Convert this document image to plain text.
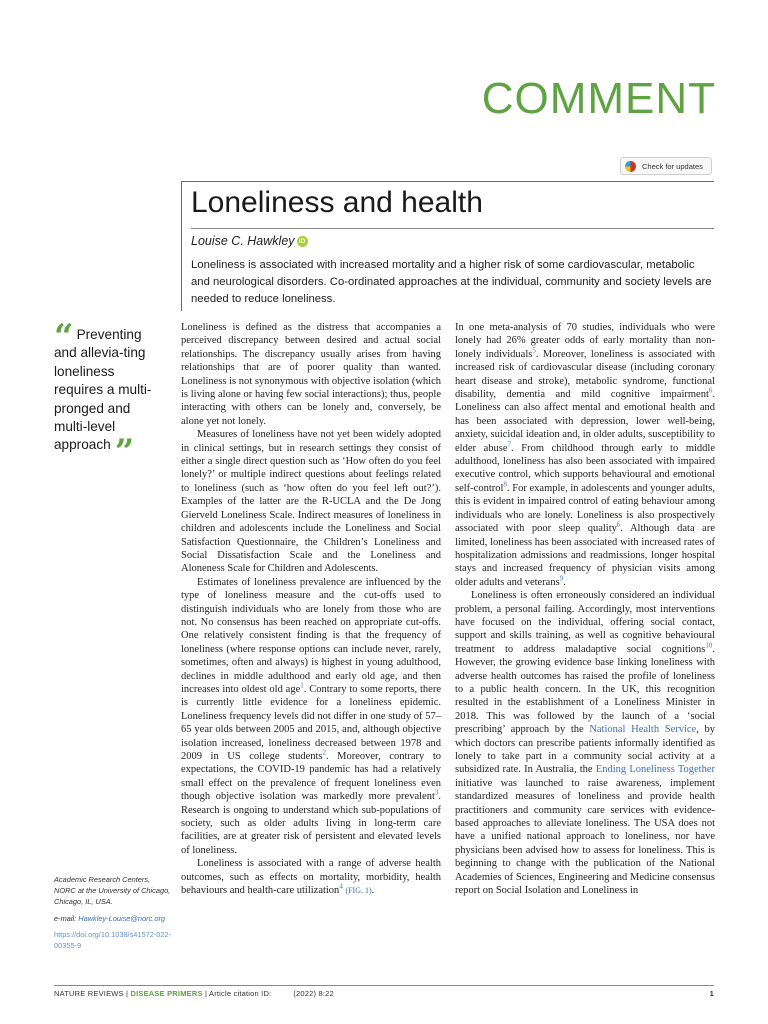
COMMENT
Check for updates
Loneliness and health
Louise C. Hawkley iD

Loneliness is associated with increased mortality and a higher risk of some cardiovascular, metabolic and neurological disorders. Co-ordinated approaches at the individual, community and society levels are needed to reduce loneliness.

“ Preventing and allevia-ting loneliness requires a multi-pronged and multi-level approach ”

Academic Research Centers, NORC at the University of Chicago, Chicago, IL, USA.

e-mail: Hawkley-Louise@norc.org

https://doi.org/10.1038/s41572-022-00355-9

Loneliness is defined as the distress that accompanies a perceived discrepancy between desired and actual social relationships. The discrepancy usually arises from having relationships that are of poorer quality than wanted. Loneliness is not synonymous with objective isolation (which is living alone or having few social interactions); thus, people interacting with others can be lonely and, conversely, be alone yet not lonely.

Measures of loneliness have not yet been widely adopted in clinical settings, but in research settings they consist of either a single direct question such as ‘How often do you feel lonely?’ or multiple indirect questions about feelings related to loneliness (such as ‘how often do you feel left out?’). Examples of the latter are the R-UCLA and the De Jong Gierveld Loneliness Scale. Indirect measures of loneliness in children and adolescents include the Loneliness and Social Satisfaction Questionnaire, the Children’s Loneliness and Social Dissatisfaction Scale and the Loneliness and Aloneness Scale for Children and Adolescents.

Estimates of loneliness prevalence are influenced by the type of loneliness measure and the cut-offs used to distinguish individuals who are lonely from those who are not. No consensus has been reached on appropriate cut-offs. One relatively consistent finding is that the frequency of loneliness (where response options can include never, rarely, sometimes, often and always) is highest in young adulthood, declines in middle adulthood and early old age, and then increases into oldest old age$^1$. Contrary to some reports, there is currently little evidence for a loneliness epidemic. Loneliness frequency levels did not differ in one study of 57–65 year olds between 2005 and 2015, and, although objective isolation increased, loneliness decreased between 1978 and 2009 in US college students$^2$. Moreover, contrary to expectations, the COVID-19 pandemic has had a relatively small effect on the prevalence of frequent loneliness even though objective isolation was markedly more prevalent$^3$. Research is ongoing to understand which sub-populations of society, such as older adults living in long-term care facilities, are at greater risk of persistent and elevated levels of loneliness.

Loneliness is associated with a range of adverse health outcomes, such as effects on mortality, morbidity, health behaviours and health-care utilization$^4$ (FIG. 1).

In one meta-analysis of 70 studies, individuals who were lonely had 26% greater odds of early mortality than non-lonely individuals$^5$. Moreover, loneliness is associated with increased risk of cardiovascular disease (including coronary heart disease and stroke), metabolic syndrome, functional disability, dementia and mild cognitive impairment$^6$. Loneliness can also affect mental and emotional health and has been associated with depression, lower well-being, anxiety, suicidal ideation and, in older adults, susceptibility to elder abuse$^7$. From childhood through early to middle adulthood, loneliness has also been associated with impaired executive control, which supports behavioural and emotional self-control$^8$. For example, in adolescents and younger adults, this is evident in impaired control of eating behaviour among individuals who are lonely. Loneliness is also prospectively associated with poor sleep quality$^6$. Although data are limited, loneliness has been associated with increased rates of hospitalization admissions and readmissions, longer hospital stays and increased frequency of physician visits among older adults and veterans$^9$.

Loneliness is often erroneously considered an individual problem, a personal failing. Accordingly, most interventions have focused on the individual, offering social contact, support and skills training, as well as cognitive behavioural treatment to address maladaptive social cognitions$^{10}$. However, the growing evidence base linking loneliness with adverse health outcomes has raised the profile of loneliness to a public health concern. In the UK, this recognition resulted in the establishment of a Loneliness Minister in 2018. This was followed by the launch of a ‘social prescribing’ approach by the National Health Service, by which doctors can prescribe patients informally identified as lonely to take part in a community social activity at a subsidized rate. In Australia, the Ending Loneliness Together initiative was launched to raise awareness, implement standardized measures of loneliness and provide health practitioners and community care services with evidence-based approaches to alleviate loneliness. The USA does not have a unified national approach to loneliness, nor have physicians been advised how to assess for loneliness. This is beginning to change with the publication of the National Academies of Sciences, Engineering and Medicine consensus report on Social Isolation and Loneliness in

NATURE REVIEWS | DISEASE PRIMERS | Article citation ID:	(2022) 8:22	1
